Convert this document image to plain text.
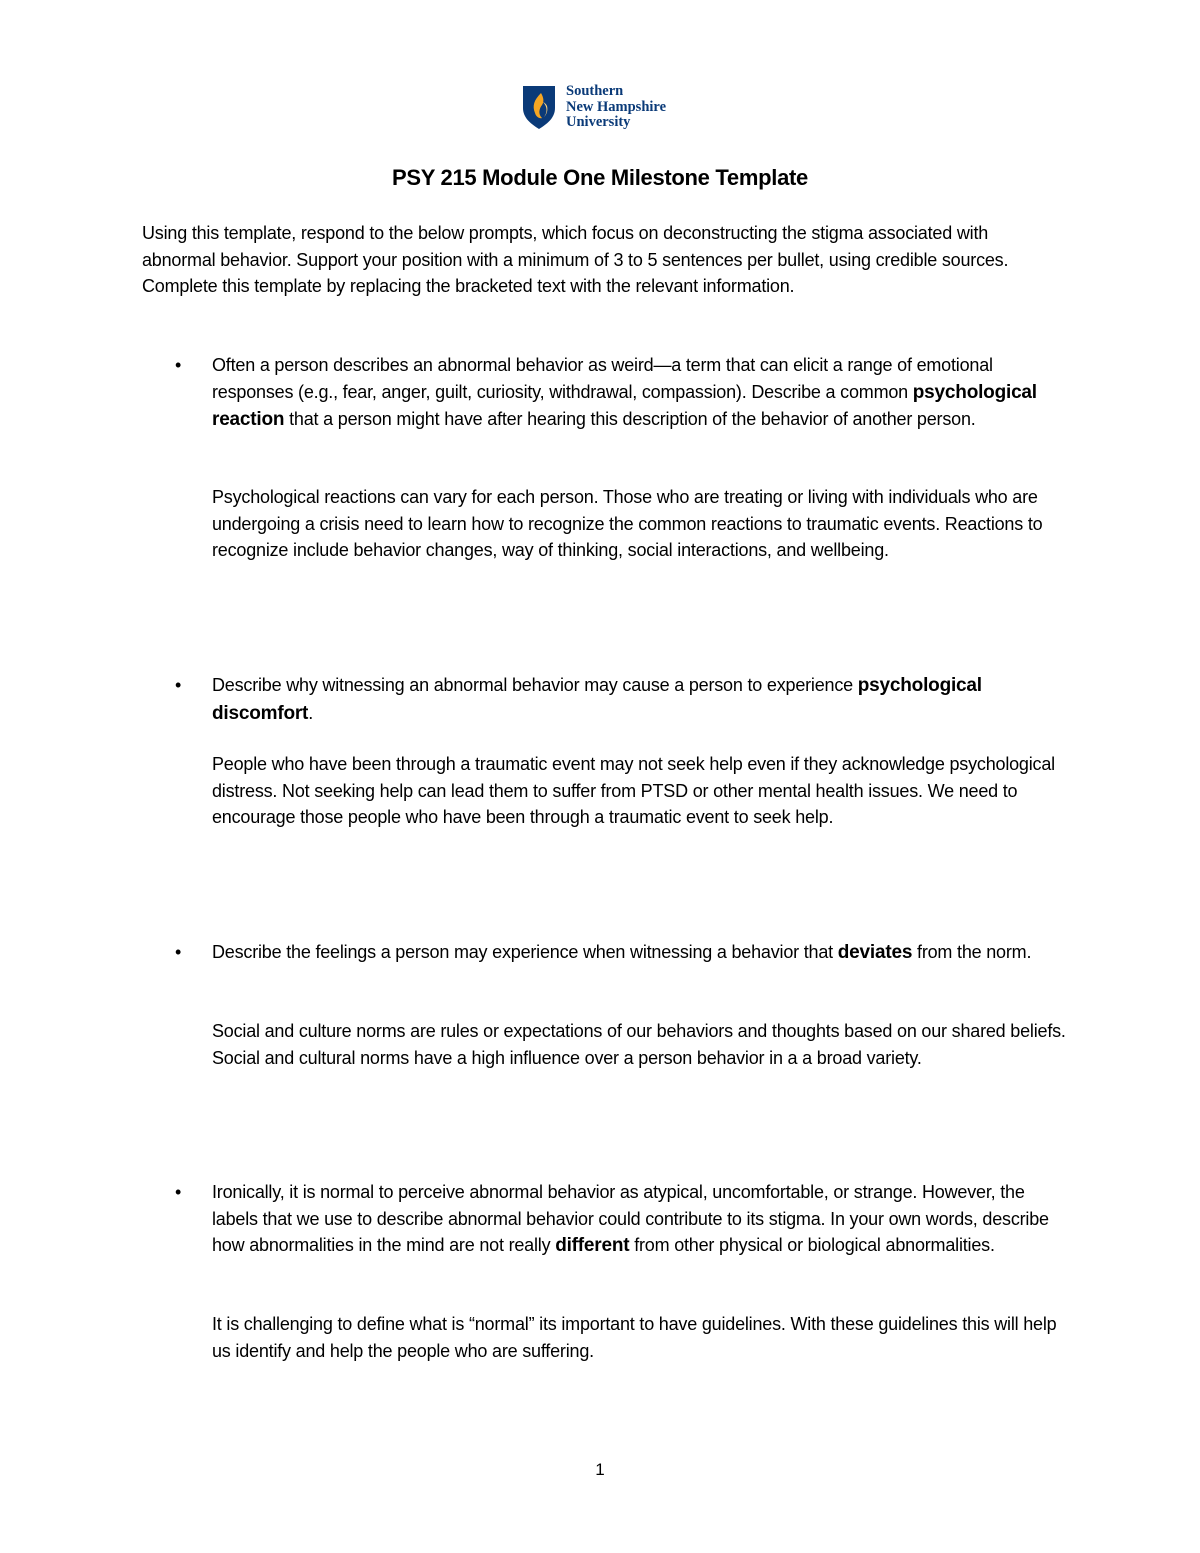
Southern
New Hampshire
University
PSY 215 Module One Milestone Template
Using this template, respond to the below prompts, which focus on deconstructing the stigma associated with abnormal behavior. Support your position with a minimum of 3 to 5 sentences per bullet, using credible sources. Complete this template by replacing the bracketed text with the relevant information.
• Often a person describes an abnormal behavior as weird—a term that can elicit a range of emotional responses (e.g., fear, anger, guilt, curiosity, withdrawal, compassion). Describe a common psychological reaction that a person might have after hearing this description of the behavior of another person.
Psychological reactions can vary for each person. Those who are treating or living with individuals who are undergoing a crisis need to learn how to recognize the common reactions to traumatic events. Reactions to recognize include behavior changes, way of thinking, social interactions, and wellbeing.
• Describe why witnessing an abnormal behavior may cause a person to experience psychological discomfort.
People who have been through a traumatic event may not seek help even if they acknowledge psychological distress. Not seeking help can lead them to suffer from PTSD or other mental health issues. We need to encourage those people who have been through a traumatic event to seek help.
• Describe the feelings a person may experience when witnessing a behavior that deviates from the norm.
Social and culture norms are rules or expectations of our behaviors and thoughts based on our shared beliefs. Social and cultural norms have a high influence over a person behavior in a a broad variety.
• Ironically, it is normal to perceive abnormal behavior as atypical, uncomfortable, or strange. However, the labels that we use to describe abnormal behavior could contribute to its stigma. In your own words, describe how abnormalities in the mind are not really different from other physical or biological abnormalities.
It is challenging to define what is “normal” its important to have guidelines. With these guidelines this will help us identify and help the people who are suffering.
1
